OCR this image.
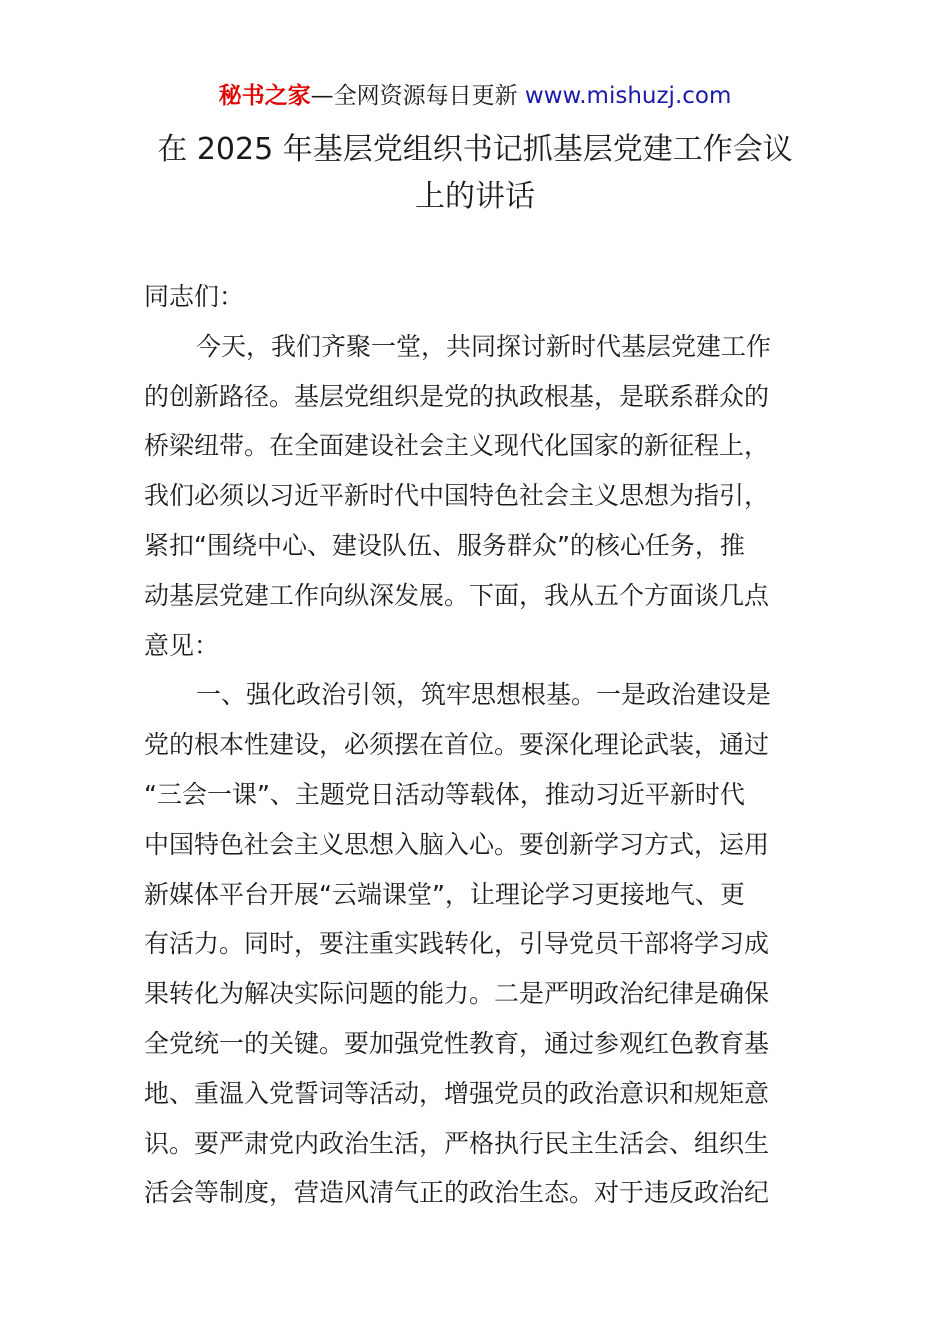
秘书之家—全网资源每日更新 www.mishuzj.com
在 2025 年基层党组织书记抓基层党建工作会议
上的讲话
同志们：
今天，我们齐聚一堂，共同探讨新时代基层党建工作
的创新路径。基层党组织是党的执政根基，是联系群众的
桥梁纽带。在全面建设社会主义现代化国家的新征程上，
我们必须以习近平新时代中国特色社会主义思想为指引，
紧扣“围绕中心、建设队伍、服务群众”的核心任务，推
动基层党建工作向纵深发展。下面，我从五个方面谈几点
意见：
一、强化政治引领，筑牢思想根基。一是政治建设是
党的根本性建设，必须摆在首位。要深化理论武装，通过
“三会一课”、主题党日活动等载体，推动习近平新时代
中国特色社会主义思想入脑入心。要创新学习方式，运用
新媒体平台开展“云端课堂”，让理论学习更接地气、更
有活力。同时，要注重实践转化，引导党员干部将学习成
果转化为解决实际问题的能力。二是严明政治纪律是确保
全党统一的关键。要加强党性教育，通过参观红色教育基
地、重温入党誓词等活动，增强党员的政治意识和规矩意
识。要严肃党内政治生活，严格执行民主生活会、组织生
活会等制度，营造风清气正的政治生态。对于违反政治纪
